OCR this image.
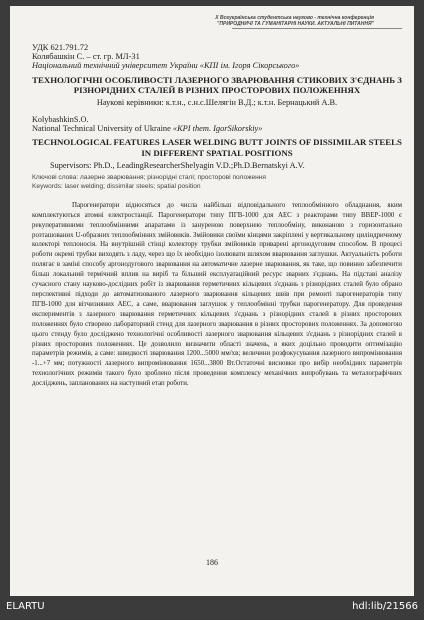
X Всеукраїнська студентська науково - технічна конференція
"ПРИРОДНИЧІ ТА ГУМАНІТАРНІ НАУКИ. АКТУАЛЬНІ ПИТАННЯ"
УДК 621.791.72
Колябашкін С. – ст. гр. МЛ-31
Національний технічний університет України «КПІ ім. Ігоря Сікорського»
ТЕХНОЛОГІЧНІ ОСОБЛИВОСТІ ЛАЗЕРНОГО ЗВАРЮВАННЯ СТИКОВИХ З'ЄДНАНЬ З РІЗНОРІДНИХ СТАЛЕЙ В РІЗНИХ ПРОСТОРОВИХ ПОЛОЖЕННЯХ
Наукові керівники: к.т.н., с.н.с.Шелягін В.Д.; к.т.н. Бернацький А.В.
KolybashkinS.O.
National Technical University of Ukraine «KPI them. IgorSikorskiy»
TECHNOLOGICAL FEATURES LASER WELDING BUTT JOINTS OF DISSIMILAR STEELS IN DIFFERENT SPATIAL POSITIONS
Supervisors: Ph.D., LeadingResearcherShelyagin V.D.;Ph.D.Bernatskyi A.V.
Ключові слова: лазерне зварювання; різнорідні сталі; просторові положення
Keywords: laser welding; dissimilar steels; spatial position
Парогенератори відносяться до числа найбільш відповідального теплообмінного обладнання, яким комплектуються атомні електростанції. Парогенератори типу ПГВ-1000 для АЕС з реакторами типу ВВЕР-1000 є рекуперативними теплообмінними апаратами із зануреною поверхнею теплообміну, виконаною з горизонтально розташованих U-образних теплообмінних змійовиків. Змійовики своїми кінцями закріплені у вертикальному циліндричному колекторі теплоносія. На внутрішній стінці колектору трубки змійовиків приварені аргонодуговим способом. В процесі роботи окремі трубки виходять з ладу, через що їх необхідно ізолювати шляхом вварювання заглушки. Актуальність роботи полягає в заміні способу аргонодугового зварювання на автоматичне лазерне зварювання, як таке, що повинно забезпечити більш локальний термічний вплив на виріб та більший експлуатаційний ресурс зварних з'єднань. На підставі аналізу сучасного стану науково-дослідних робіт із зварювання герметичних кільцевих з'єднань з різнорідних сталей було обрано перспективні підходи до автоматизованого лазерного зварювання кільцевих швів при ремонті парогенераторів типу ПГВ-1000 для вітчизняних АЕС, а саме, вварювання заглушок у теплообмінні трубки парогенератору. Для проведення експериментів з лазерного зварювання герметичних кільцевих з'єднань з різнорідних сталей в різних просторових положеннях було створено лабораторний стенд для лазерного зварювання в різних просторових положеннях. За допомогою цього стенду було досліджено технологічні особливості лазерного зварювання кільцевих з'єднань з різнорідних сталей в різних просторових положеннях. Це дозволило визначити області значень, в яких доцільно проводити оптимізацію параметрів режимів, а саме: швидкості зварювання 1200...5000 мм/хв; величини розфокусування лазерного випромінювання -1...+7 мм; потужності лазерного випромінювання 1650...3800 Вт.Остаточні висновки про вибір необхідних параметрів технологічних режимів такого було зроблено після проведення комплексу механічних випробувань та металографічних досліджень, запланованих на наступний етап роботи.
186
ELARTU	hdl:lib/21566
